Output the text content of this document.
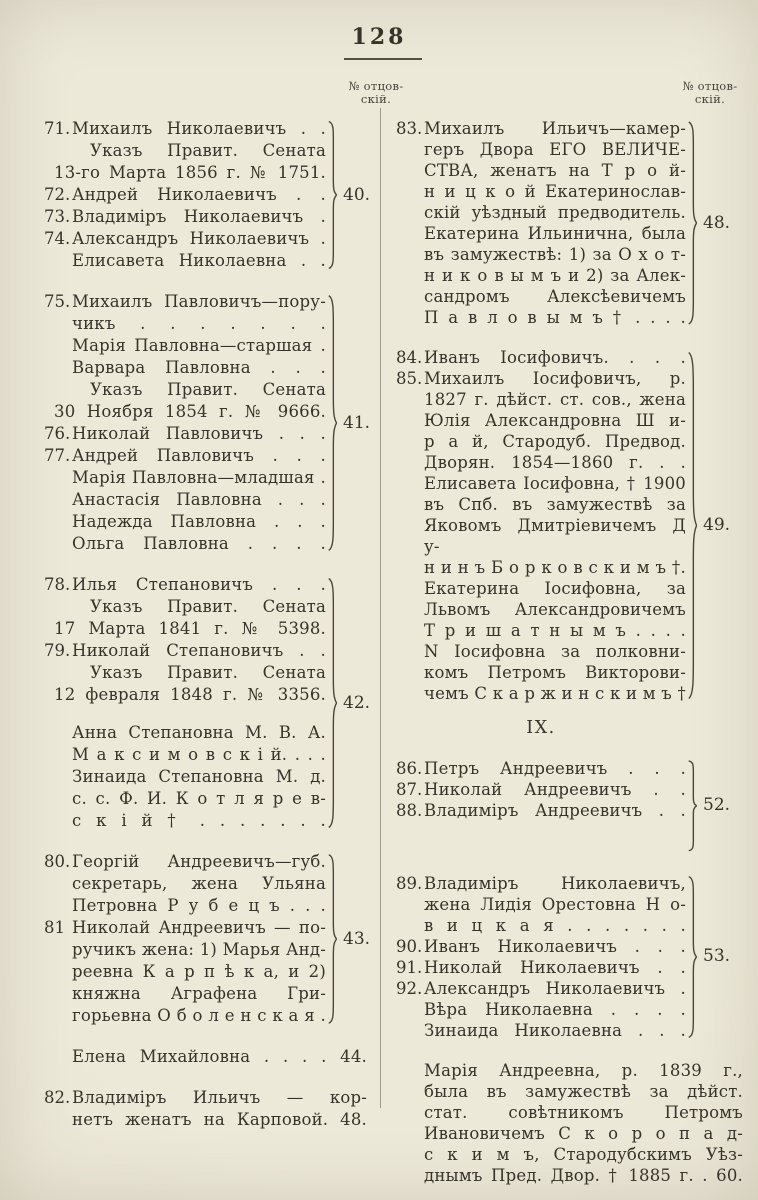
128
№ отцов-
скій.
71. Михаилъ Николаевичъ . .
Указъ Правит. Сената
13-го Марта 1856 г. № 1751.
72. Андрей Николаевичъ . .
73. Владиміръ Николаевичъ .
74. Александръ Николаевичъ .
Елисавета Николаевна . .
40.
75. Михаилъ Павловичъ—пору-
чикъ . . . . . . .
Марія Павловна—старшая .
Варвара Павловна . . .
Указъ Правит. Сената
30 Ноября 1854 г. № 9666.
76. Николай Павловичъ . . .
77. Андрей Павловичъ . . .
Марія Павловна—младшая .
Анастасія Павловна . . .
Надежда Павловна . . .
Ольга Павловна . . . .
41.
78. Илья Степановичъ . . .
Указъ Правит. Сената
17 Марта 1841 г. № 5398.
79. Николай Степановичъ . .
Указъ Правит. Сената
12 февраля 1848 г. № 3356.
Анна Степановна М. В. А.
М а к с и м о в с к і й. . . .
Зинаида Степановна М. д.
с. с. Ф. И. К о т л я р е в-
с к і й † . . . . . . .
42.
80. Георгій Андреевичъ—губ.
секретарь, жена Ульяна
Петровна Р у б е ц ъ . . .
81 Николай Андреевичъ — по-
ручикъ жена: 1) Марья Анд-
реевна К а р п ѣ к а, и 2)
княжна Аграфена Гри-
горьевна О б о л е н с к а я .
43.
Елена Михайловна . . . . 44.
82. Владиміръ Ильичъ — кор-
нетъ женатъ на Карповой. 48.
№ отцов-
скій.
83. Михаилъ Ильичъ—камер-
геръ Двора ЕГО ВЕЛИЧЕ-
СТВА, женатъ на Т р о й-
н и ц к о й Екатеринослав-
скій уѣздный предводитель.
Екатерина Ильинична, была
въ замужествѣ: 1) за О х о т-
н и к о в ы м ъ и 2) за Алек-
сандромъ Алексѣевичемъ
П а в л о в ы м ъ † . . . .
48.
84. Иванъ Іосифовичъ. . . .
85. Михаилъ Іосифовичъ, р.
1827 г. дѣйст. ст. сов., жена
Юлія Александровна Ш и-
р а й, Стародуб. Предвод.
Дворян. 1854—1860 г. . .
Елисавета Іосифовна, † 1900
въ Спб. въ замужествѣ за
Яковомъ Дмитріевичемъ Д у-
н и н ъ Б о р к о в с к и м ъ †.
Екатерина Іосифовна, за
Львомъ Александровичемъ
Т р и ш а т н ы м ъ . . . .
N Іосифовна за полковни-
комъ Петромъ Викторови-
чемъ С к а р ж и н с к и м ъ †
49.
IX.
86. Петръ Андреевичъ . . .
87. Николай Андреевичъ . .
88. Владиміръ Андреевичъ . .	52.
89. Владиміръ Николаевичъ,
жена Лидія Орестовна Н о-
в и ц к а я . . . . . . .
90. Иванъ Николаевичъ . . .
91. Николай Николаевичъ . .
92. Александръ Николаевичъ .
Вѣра Николаевна . . . .
Зинаида Николаевна . . .
53.
Марія Андреевна, р. 1839 г.,
была въ замужествѣ за дѣйст.
стат. совѣтникомъ Петромъ
Ивановичемъ С к о р о п а д-
с к и м ъ, Стародубскимъ Уѣз-
днымъ Пред. Двор. † 1885 г. . 60.
